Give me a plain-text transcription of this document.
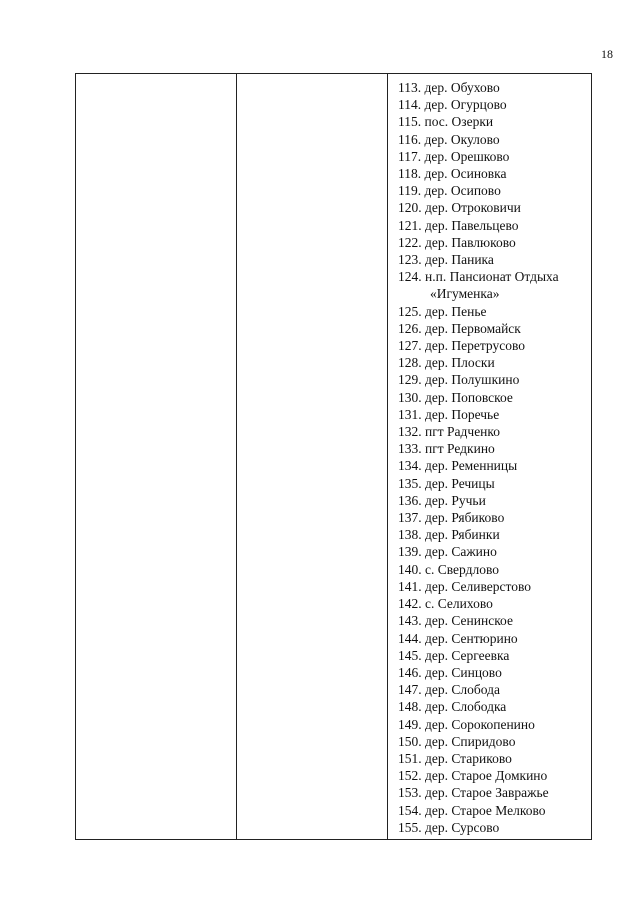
18
113. дер. Обухово
114. дер. Огурцово
115. пос. Озерки
116. дер. Окулово
117. дер. Орешково
118. дер. Осиновка
119. дер. Осипово
120. дер. Отроковичи
121. дер. Павельцево
122. дер. Павлюково
123. дер. Паника
124. н.п. Пансионат Отдыха
«Игуменка»
125. дер. Пенье
126. дер. Первомайск
127. дер. Перетрусово
128. дер. Плоски
129. дер. Полушкино
130. дер. Поповское
131. дер. Поречье
132. пгт Радченко
133. пгт Редкино
134. дер. Ременницы
135. дер. Речицы
136. дер. Ручьи
137. дер. Рябиково
138. дер. Рябинки
139. дер. Сажино
140. с. Свердлово
141. дер. Селиверстово
142. с. Селихово
143. дер. Сенинское
144. дер. Сентюрино
145. дер. Сергеевка
146. дер. Синцово
147. дер. Слобода
148. дер. Слободка
149. дер. Сорокопенино
150. дер. Спиридово
151. дер. Стариково
152. дер. Старое Домкино
153. дер. Старое Завражье
154. дер. Старое Мелково
155. дер. Сурсово
